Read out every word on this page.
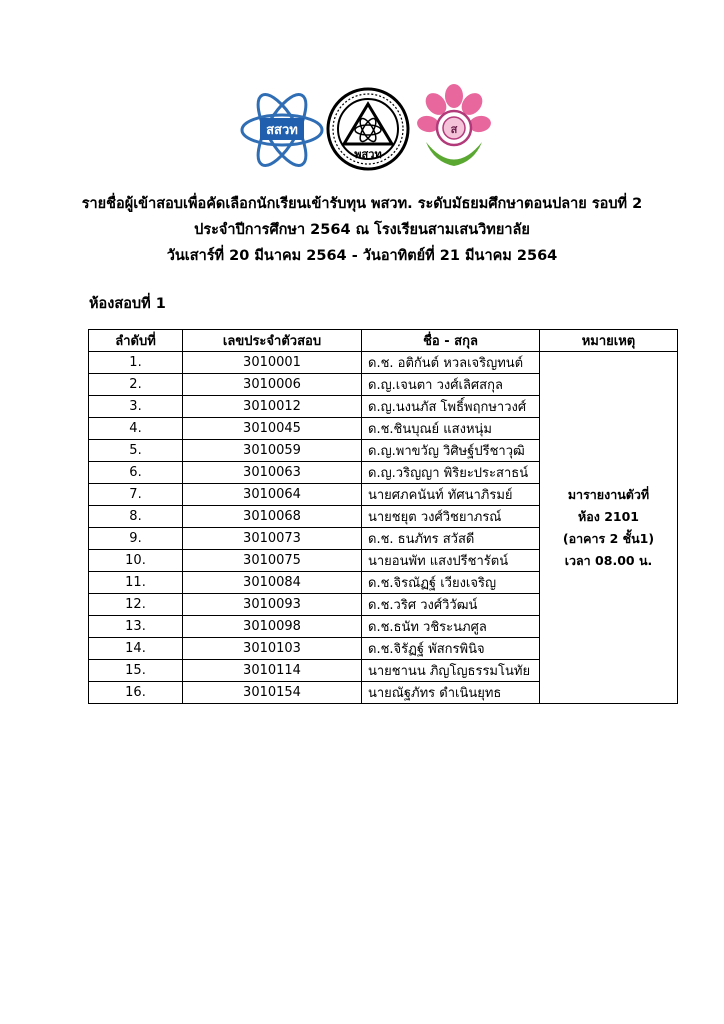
สสวท
พสวท
ส
รายชื่อผู้เข้าสอบเพื่อคัดเลือกนักเรียนเข้ารับทุน พสวท. ระดับมัธยมศึกษาตอนปลาย รอบที่ 2
ประจำปีการศึกษา 2564 ณ โรงเรียนสามเสนวิทยาลัย
วันเสาร์ที่ 20 มีนาคม 2564 - วันอาทิตย์ที่ 21 มีนาคม 2564
ห้องสอบที่ 1
ลำดับที่	เลขประจำตัวสอบ	ชื่อ - สกุล	หมายเหตุ
1.	3010001	ด.ช. อติกันต์ หวลเจริญทนต์	มารายงานตัวที่
ห้อง 2101
(อาคาร 2 ชั้น1)
เวลา 08.00 น.

2.	3010006	ด.ญ.เจนตา วงศ์เลิศสกุล	
3.	3010012	ด.ญ.นงนภัส โพธิ์พฤกษาวงศ์	
4.	3010045	ด.ช.ชินบุณย์ แสงหนุ่ม	
5.	3010059	ด.ญ.พาขวัญ วิศิษฐ์ปรีชาวุฒิ	
6.	3010063	ด.ญ.วริญญา พิริยะประสาธน์	
7.	3010064	นายศภคนันท์ ทัศนาภิรมย์	
8.	3010068	นายชยุต วงศ์วิชยาภรณ์	
9.	3010073	ด.ช. ธนภัทร สวัสดี	
10.	3010075	นายอนพัท แสงปรีชารัตน์	
11.	3010084	ด.ช.จิรณัฏฐ์ เวียงเจริญ	
12.	3010093	ด.ช.วริศ วงศ์วิวัฒน์	
13.	3010098	ด.ช.ธนัท วชิระนภศูล	
14.	3010103	ด.ช.จิรัฏฐ์ พัสกรพินิจ	
15.	3010114	นายชานน ภิญโญธรรมโนทัย	
16.	3010154	นายณัฐภัทร ดำเนินยุทธ	
